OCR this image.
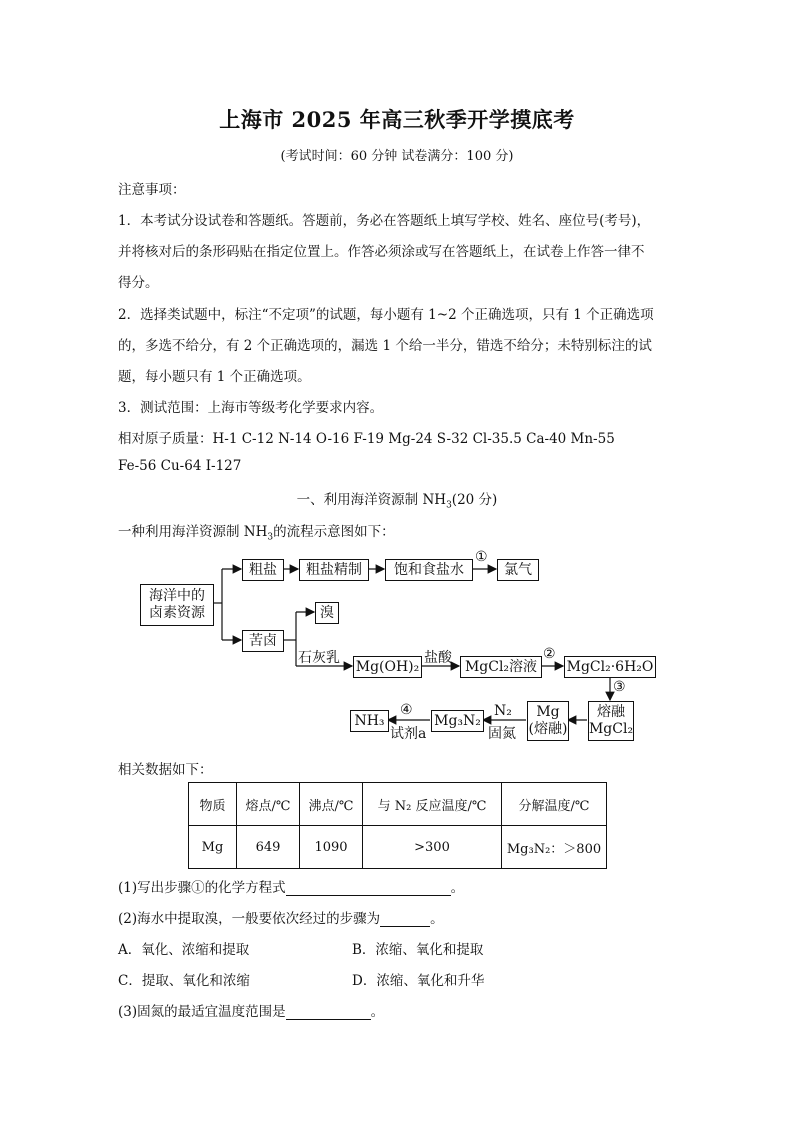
上海市 2025 年高三秋季开学摸底考
(考试时间：60 分钟 试卷满分：100 分)
注意事项：
1．本考试分设试卷和答题纸。答题前，务必在答题纸上填写学校、姓名、座位号(考号)，
并将核对后的条形码贴在指定位置上。作答必须涂或写在答题纸上，在试卷上作答一律不
得分。
2．选择类试题中，标注“不定项”的试题，每小题有 1~2 个正确选项，只有 1 个正确选项
的，多选不给分，有 2 个正确选项的，漏选 1 个给一半分，错选不给分；未特别标注的试
题，每小题只有 1 个正确选项。
3．测试范围：上海市等级考化学要求内容。
相对原子质量：H-1 C-12 N-14 O-16 F-19 Mg-24 S-32 Cl-35.5 Ca-40 Mn-55
Fe-56 Cu-64 I-127
一、利用海洋资源制 $NH_3(20$ 分)
一种利用海洋资源制 $NH_3$的流程示意图如下：
海洋中的卤素资源
粗盐	粗盐精制	饱和食盐水
①
氯气
苦卤
溴
石灰乳
Mg(OH)₂
盐酸
MgCl₂溶液
②
MgCl₂·6H₂O
③
熔融
MgCl₂
Mg
(熔融)
N₂
固氮
Mg₃N₂
④
试剂a
NH₃
相关数据如下：
物质	熔点/℃	沸点/℃	与 N₂ 反应温度/℃	分解温度/℃
Mg	649	1090	>300	Mg₃N₂：＞800
(1)写出步骤①的化学方程式	。
(2)海水中提取溴，一般要依次经过的步骤为	。
A．氧化、浓缩和提取	B．浓缩、氧化和提取
C．提取、氧化和浓缩	D．浓缩、氧化和升华
(3)固氮的最适宜温度范围是	。
